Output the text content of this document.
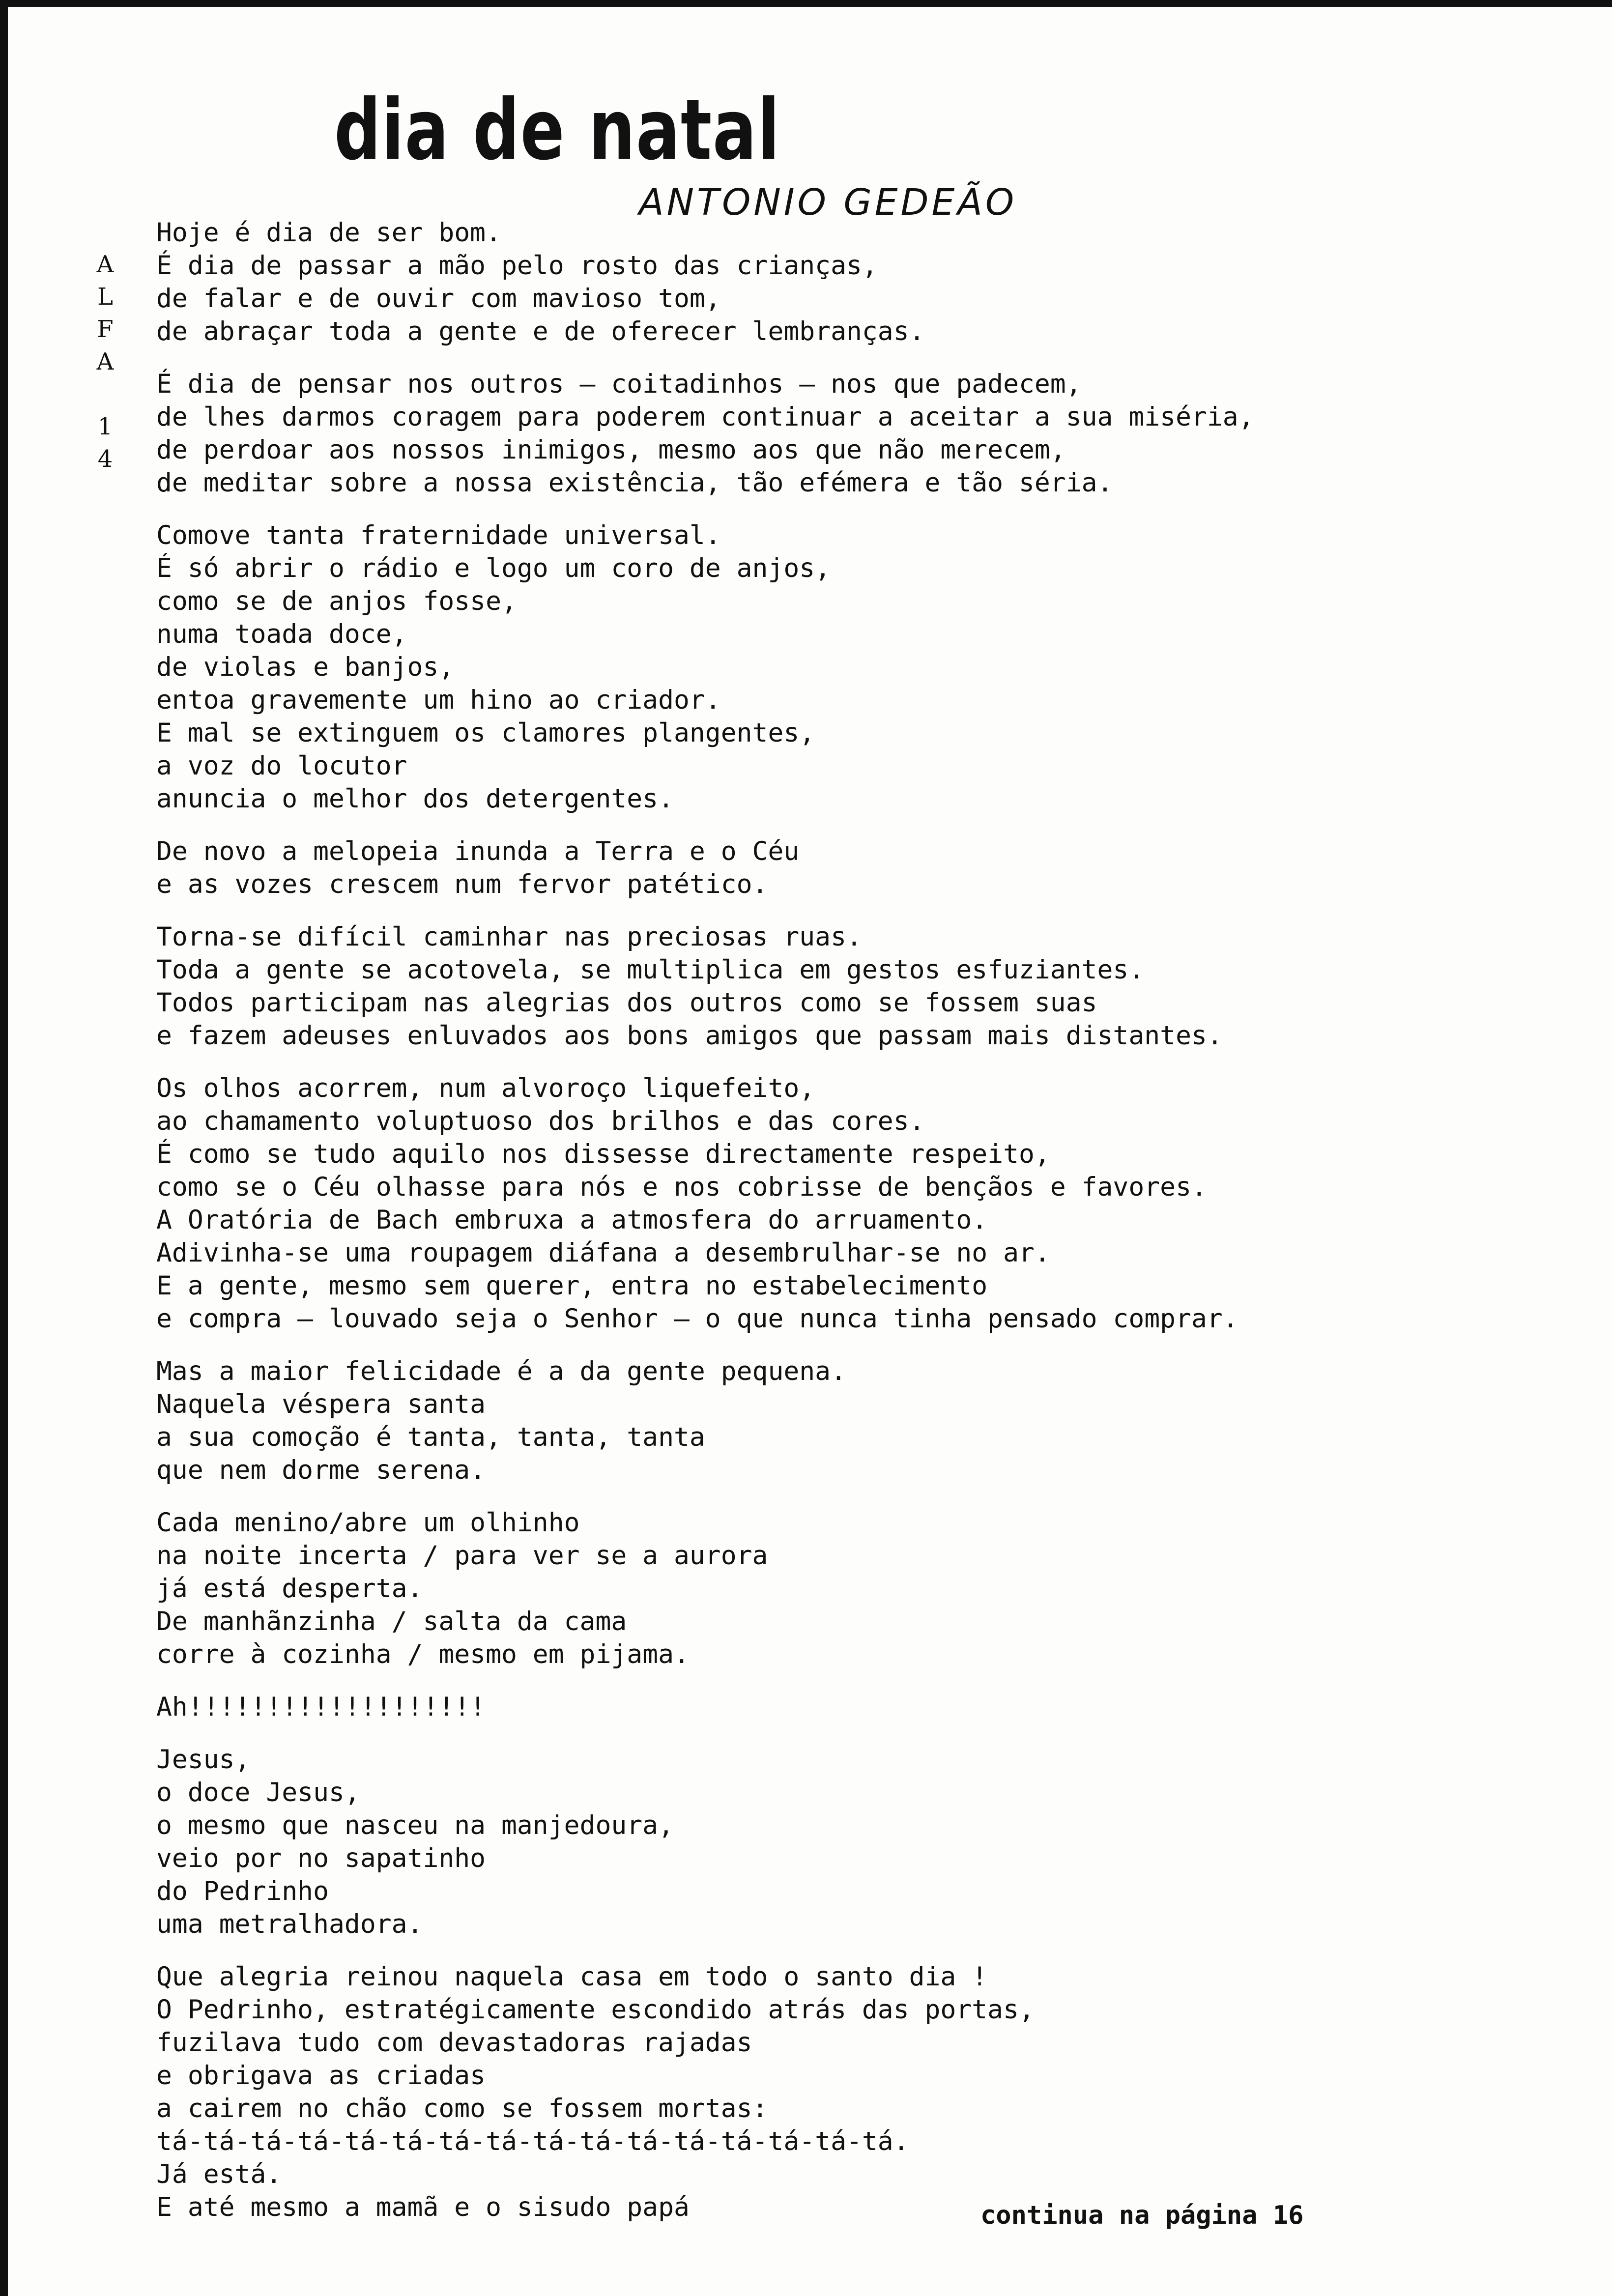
dia de natal
ANTONIO GEDEÃO
ALFA 14
Hoje é dia de ser bom.
É dia de passar a mão pelo rosto das crianças,
de falar e de ouvir com mavioso tom,
de abraçar toda a gente e de oferecer lembranças.
É dia de pensar nos outros — coitadinhos — nos que padecem,
de lhes darmos coragem para poderem continuar a aceitar a sua miséria,
de perdoar aos nossos inimigos, mesmo aos que não merecem,
de meditar sobre a nossa existência, tão efémera e tão séria.
Comove tanta fraternidade universal.
É só abrir o rádio e logo um coro de anjos,
como se de anjos fosse,
numa toada doce,
de violas e banjos,
entoa gravemente um hino ao criador.
E mal se extinguem os clamores plangentes,
a voz do locutor
anuncia o melhor dos detergentes.
De novo a melopeia inunda a Terra e o Céu
e as vozes crescem num fervor patético.
Torna-se difícil caminhar nas preciosas ruas.
Toda a gente se acotovela, se multiplica em gestos esfuziantes.
Todos participam nas alegrias dos outros como se fossem suas
e fazem adeuses enluvados aos bons amigos que passam mais distantes.
Os olhos acorrem, num alvoroço liquefeito,
ao chamamento voluptuoso dos brilhos e das cores.
É como se tudo aquilo nos dissesse directamente respeito,
como se o Céu olhasse para nós e nos cobrisse de bençãos e favores.
A Oratória de Bach embruxa a atmosfera do arruamento.
Adivinha-se uma roupagem diáfana a desembrulhar-se no ar.
E a gente, mesmo sem querer, entra no estabelecimento
e compra — louvado seja o Senhor — o que nunca tinha pensado comprar.
Mas a maior felicidade é a da gente pequena.
Naquela véspera santa
a sua comoção é tanta, tanta, tanta
que nem dorme serena.
Cada menino/abre um olhinho
na noite incerta / para ver se a aurora
já está desperta.
De manhãnzinha / salta da cama
corre à cozinha / mesmo em pijama.
Ah!!!!!!!!!!!!!!!!!!!
Jesus,
o doce Jesus,
o mesmo que nasceu na manjedoura,
veio por no sapatinho
do Pedrinho
uma metralhadora.
Que alegria reinou naquela casa em todo o santo dia !
O Pedrinho, estratégicamente escondido atrás das portas,
fuzilava tudo com devastadoras rajadas
e obrigava as criadas
a cairem no chão como se fossem mortas:
tá-tá-tá-tá-tá-tá-tá-tá-tá-tá-tá-tá-tá-tá-tá-tá.
Já está.
E até mesmo a mamã e o sisudo papá	continua na página 16
